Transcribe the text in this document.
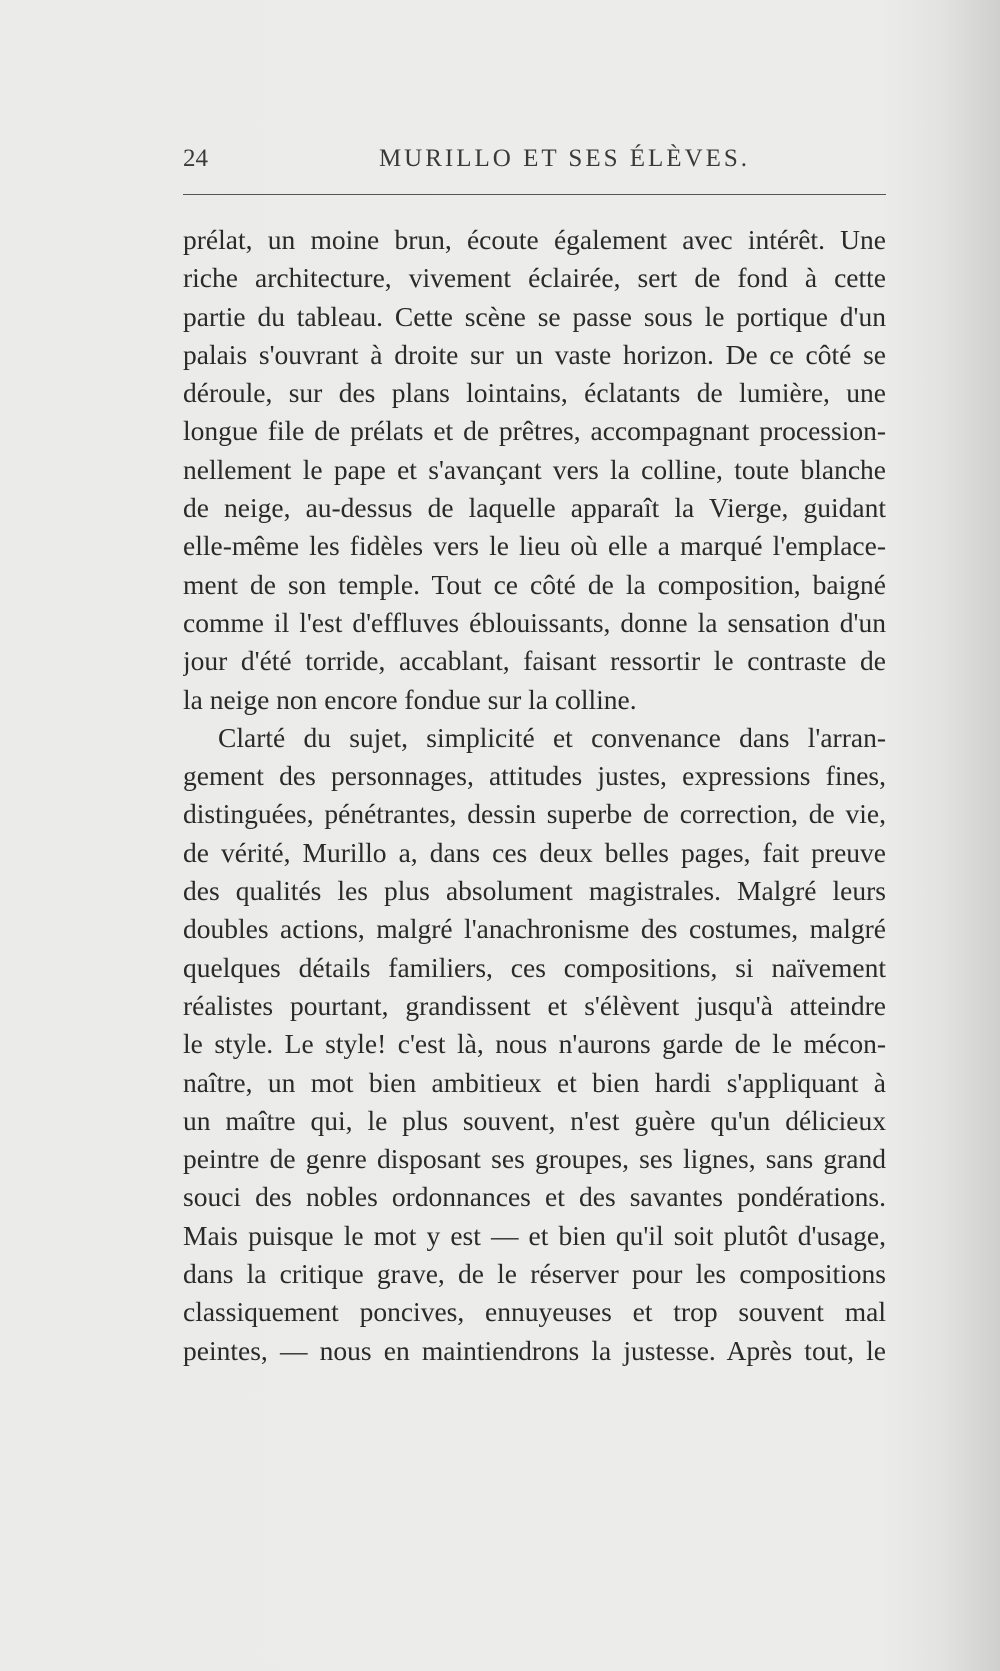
24	MURILLO ET SES ÉLÈVES.
prélat, un moine brun, écoute également avec intérêt. Une
riche architecture, vivement éclairée, sert de fond à cette
partie du tableau. Cette scène se passe sous le portique d'un
palais s'ouvrant à droite sur un vaste horizon. De ce côté se
déroule, sur des plans lointains, éclatants de lumière, une
longue file de prélats et de prêtres, accompagnant procession-
nellement le pape et s'avançant vers la colline, toute blanche
de neige, au-dessus de laquelle apparaît la Vierge, guidant
elle-même les fidèles vers le lieu où elle a marqué l'emplace-
ment de son temple. Tout ce côté de la composition, baigné
comme il l'est d'effluves éblouissants, donne la sensation d'un
jour d'été torride, accablant, faisant ressortir le contraste de
la neige non encore fondue sur la colline.
Clarté du sujet, simplicité et convenance dans l'arran-
gement des personnages, attitudes justes, expressions fines,
distinguées, pénétrantes, dessin superbe de correction, de vie,
de vérité, Murillo a, dans ces deux belles pages, fait preuve
des qualités les plus absolument magistrales. Malgré leurs
doubles actions, malgré l'anachronisme des costumes, malgré
quelques détails familiers, ces compositions, si naïvement
réalistes pourtant, grandissent et s'élèvent jusqu'à atteindre
le style. Le style! c'est là, nous n'aurons garde de le mécon-
naître, un mot bien ambitieux et bien hardi s'appliquant à
un maître qui, le plus souvent, n'est guère qu'un délicieux
peintre de genre disposant ses groupes, ses lignes, sans grand
souci des nobles ordonnances et des savantes pondérations.
Mais puisque le mot y est — et bien qu'il soit plutôt d'usage,
dans la critique grave, de le réserver pour les compositions
classiquement poncives, ennuyeuses et trop souvent mal
peintes, — nous en maintiendrons la justesse. Après tout, le
